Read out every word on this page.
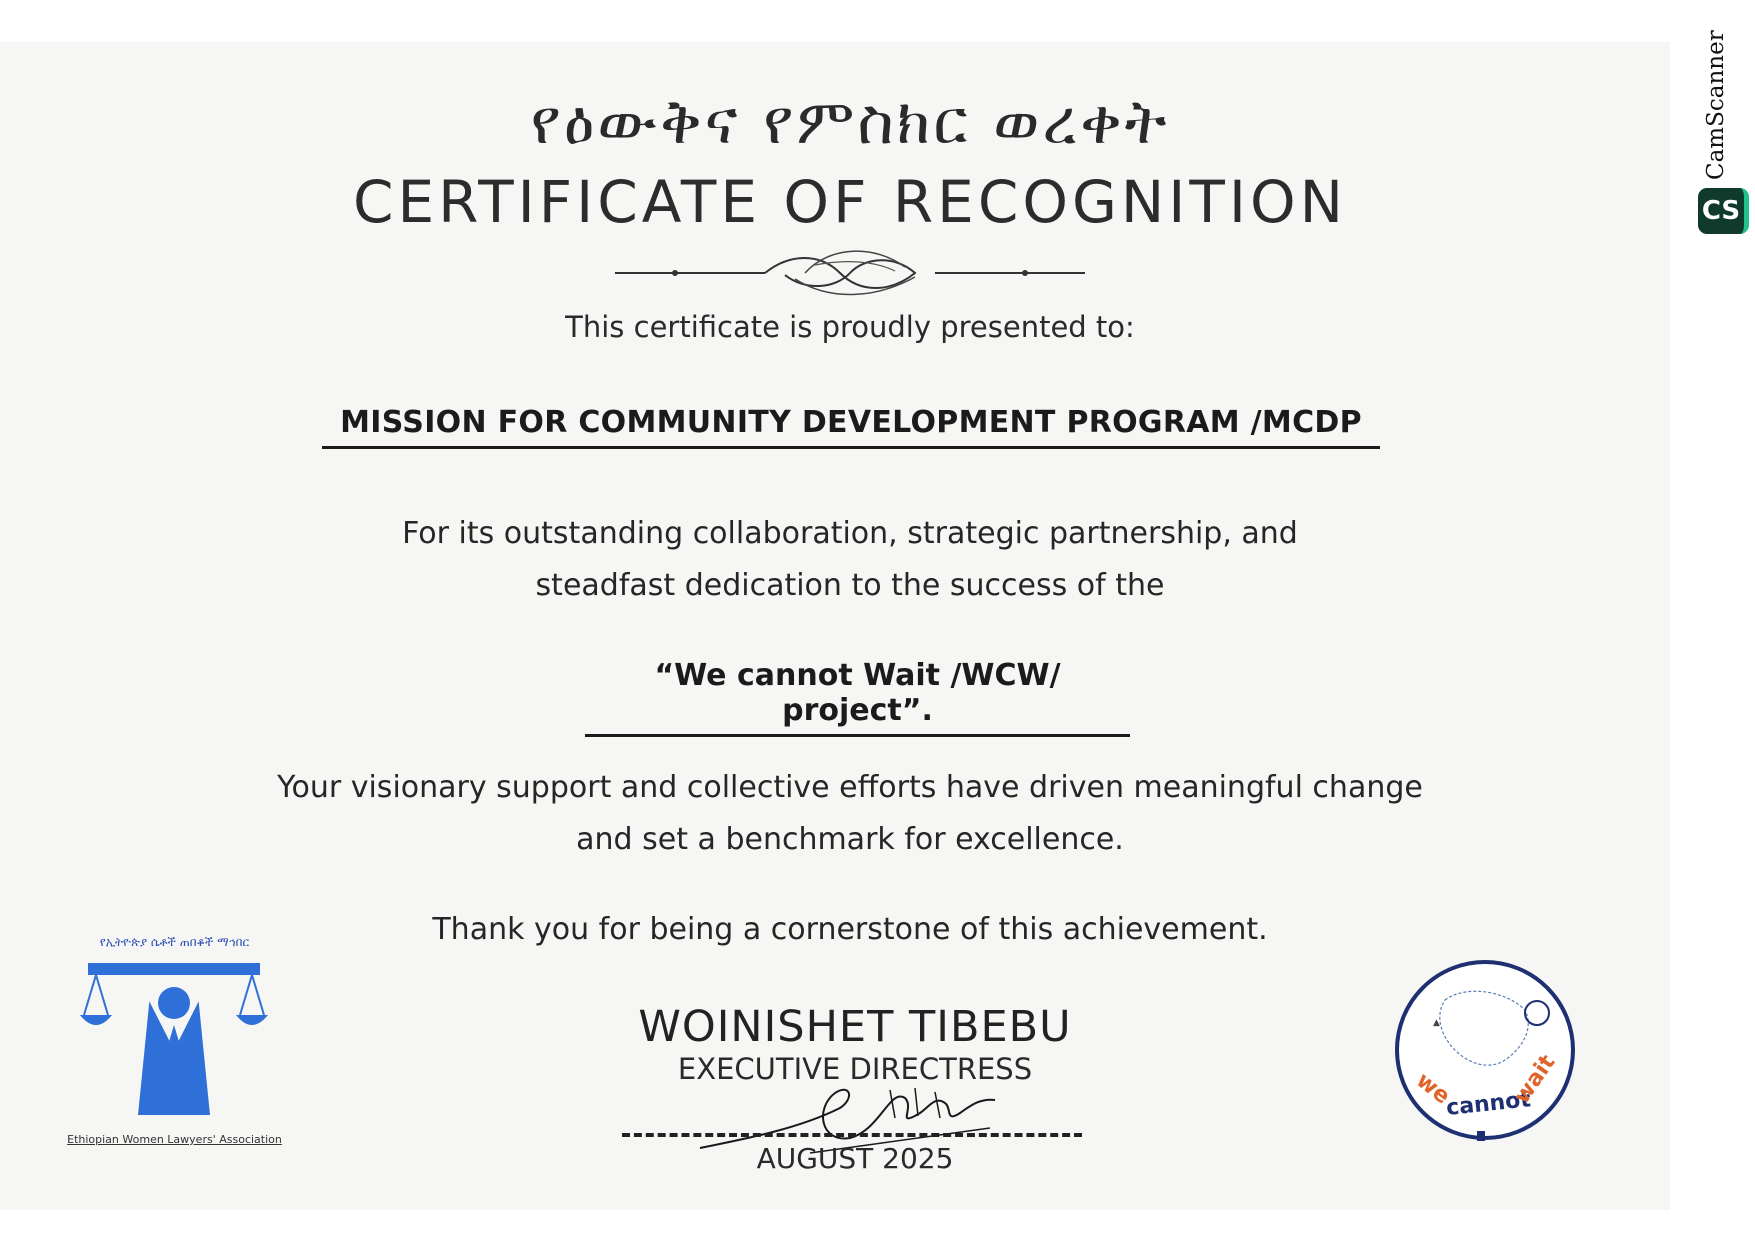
የዕውቅና የምስክር ወረቀት
CERTIFICATE OF RECOGNITION
This certificate is proudly presented to:
MISSION FOR COMMUNITY DEVELOPMENT PROGRAM /MCDP
For its outstanding collaboration, strategic partnership, and
steadfast dedication to the success of the
“We cannot Wait /WCW/ project”.
Your visionary support and collective efforts have driven meaningful change
and set a benchmark for excellence.
Thank you for being a cornerstone of this achievement.
WOINISHET TIBEBU
EXECUTIVE DIRECTRESS
AUGUST 2025
የኢትዮጵያ ሴቶች ጠበቆች ማኅበር
Ethiopian Women Lawyers' Association
▲
we
cannot
wait
CamScanner
CS
